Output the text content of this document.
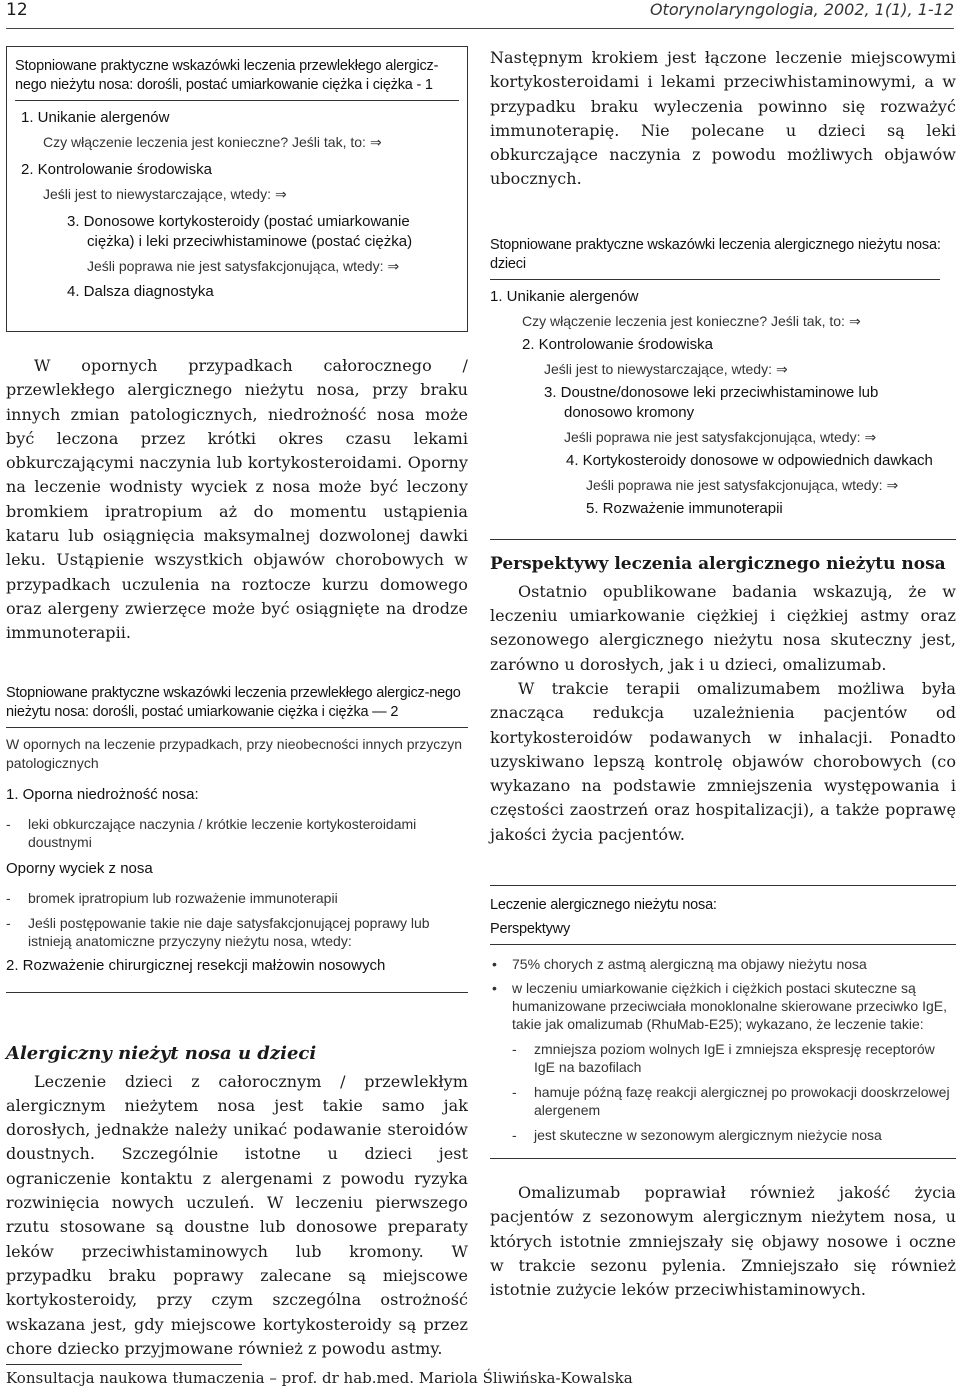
12	Otorynolaryngologia, 2002, 1(1), 1-12
Stopniowane praktyczne wskazówki leczenia przewlekłego alergicz-nego nieżytu nosa: dorośli, postać umiarkowanie ciężka i ciężka - 1
1. Unikanie alergenów
Czy włączenie leczenia jest konieczne? Jeśli tak, to: ⇒
2. Kontrolowanie środowiska
Jeśli jest to niewystarczające, wtedy: ⇒
3. Donosowe kortykosteroidy (postać umiarkowanie ciężka) i leki przeciwhistaminowe (postać ciężka)
Jeśli poprawa nie jest satysfakcjonująca, wtedy: ⇒
4. Dalsza diagnostyka

W opornych przypadkach całorocznego / przewlekłego alergicznego nieżytu nosa, przy braku innych zmian patologicznych, niedrożność nosa może być leczona przez krótki okres czasu lekami obkurczającymi naczynia lub kortykosteroidami. Oporny na leczenie wodnisty wyciek z nosa może być leczony bromkiem ipratropium aż do momentu ustąpienia kataru lub osiągnięcia maksymalnej dozwolonej dawki leku. Ustąpienie wszystkich objawów chorobowych w przypadkach uczulenia na roztocze kurzu domowego oraz alergeny zwierzęce może być osiągnięte na drodze immunoterapii.

Stopniowane praktyczne wskazówki leczenia przewlekłego alergicz-nego nieżytu nosa: dorośli, postać umiarkowanie ciężka i ciężka — 2
W opornych na leczenie przypadkach, przy nieobecności innych przyczyn patologicznych
1. Oporna niedrożność nosa:
- leki obkurczające naczynia / krótkie leczenie kortykosteroidami doustnymi
Oporny wyciek z nosa
- bromek ipratropium lub rozważenie immunoterapii
- Jeśli postępowanie takie nie daje satysfakcjonującej poprawy lub istnieją anatomiczne przyczyny nieżytu nosa, wtedy:
2. Rozważenie chirurgicznej resekcji małżowin nosowych
Alergiczny nieżyt nosa u dzieci

Leczenie dzieci z całorocznym / przewlekłym alergicznym nieżytem nosa jest takie samo jak dorosłych, jednakże należy unikać podawanie steroidów doustnych. Szczególnie istotne u dzieci jest ograniczenie kontaktu z alergenami z powodu ryzyka rozwinięcia nowych uczuleń. W leczeniu pierwszego rzutu stosowane są doustne lub donosowe preparaty leków przeciwhistaminowych lub kromony. W przypadku braku poprawy zalecane są miejscowe kortykosteroidy, przy czym szczególna ostrożność wskazana jest, gdy miejscowe kortykosteroidy są przez chore dziecko przyjmowane również z powodu astmy.

Następnym krokiem jest łączone leczenie miejscowymi kortykosteroidami i lekami przeciwhistaminowymi, a w przypadku braku wyleczenia powinno się rozważyć immunoterapię. Nie polecane u dzieci są leki obkurczające naczynia z powodu możliwych objawów ubocznych.

Stopniowane praktyczne wskazówki leczenia alergicznego nieżytu nosa: dzieci
1. Unikanie alergenów
Czy włączenie leczenia jest konieczne? Jeśli tak, to: ⇒
2. Kontrolowanie środowiska
Jeśli jest to niewystarczające, wtedy: ⇒
3. Doustne/donosowe leki przeciwhistaminowe lub donosowo kromony
Jeśli poprawa nie jest satysfakcjonująca, wtedy: ⇒
4. Kortykosteroidy donosowe w odpowiednich dawkach
Jeśli poprawa nie jest satysfakcjonująca, wtedy: ⇒
5. Rozważenie immunoterapii
Perspektywy leczenia alergicznego nieżytu nosa

Ostatnio opublikowane badania wskazują, że w leczeniu umiarkowanie ciężkiej i ciężkiej astmy oraz sezonowego alergicznego nieżytu nosa skuteczny jest, zarówno u dorosłych, jak i u dzieci, omalizumab.

W trakcie terapii omalizumabem możliwa była znacząca redukcja uzależnienia pacjentów od kortykosteroidów podawanych w inhalacji. Ponadto uzyskiwano lepszą kontrolę objawów chorobowych (co wykazano na podstawie zmniejszenia występowania i częstości zaostrzeń oraz hospitalizacji), a także poprawę jakości życia pacjentów.

Leczenie alergicznego nieżytu nosa:
Perspektywy
• 75% chorych z astmą alergiczną ma objawy nieżytu nosa
• w leczeniu umiarkowanie ciężkich i ciężkich postaci skuteczne są humanizowane przeciwciała monoklonalne skierowane przeciwko IgE, takie jak omalizumab (RhuMab-E25); wykazano, że leczenie takie:
- zmniejsza poziom wolnych IgE i zmniejsza ekspresję receptorów IgE na bazofilach
- hamuje późną fazę reakcji alergicznej po prowokacji dooskrzelowej alergenem
- jest skuteczne w sezonowym alergicznym nieżycie nosa

Omalizumab poprawiał również jakość życia pacjentów z sezonowym alergicznym nieżytem nosa, u których istotnie zmniejszały się objawy nosowe i oczne w trakcie sezonu pylenia. Zmniejszało się również istotnie zużycie leków przeciwhistaminowych.

Konsultacja naukowa tłumaczenia – prof. dr hab.med. Mariola Śliwińska-Kowalska
